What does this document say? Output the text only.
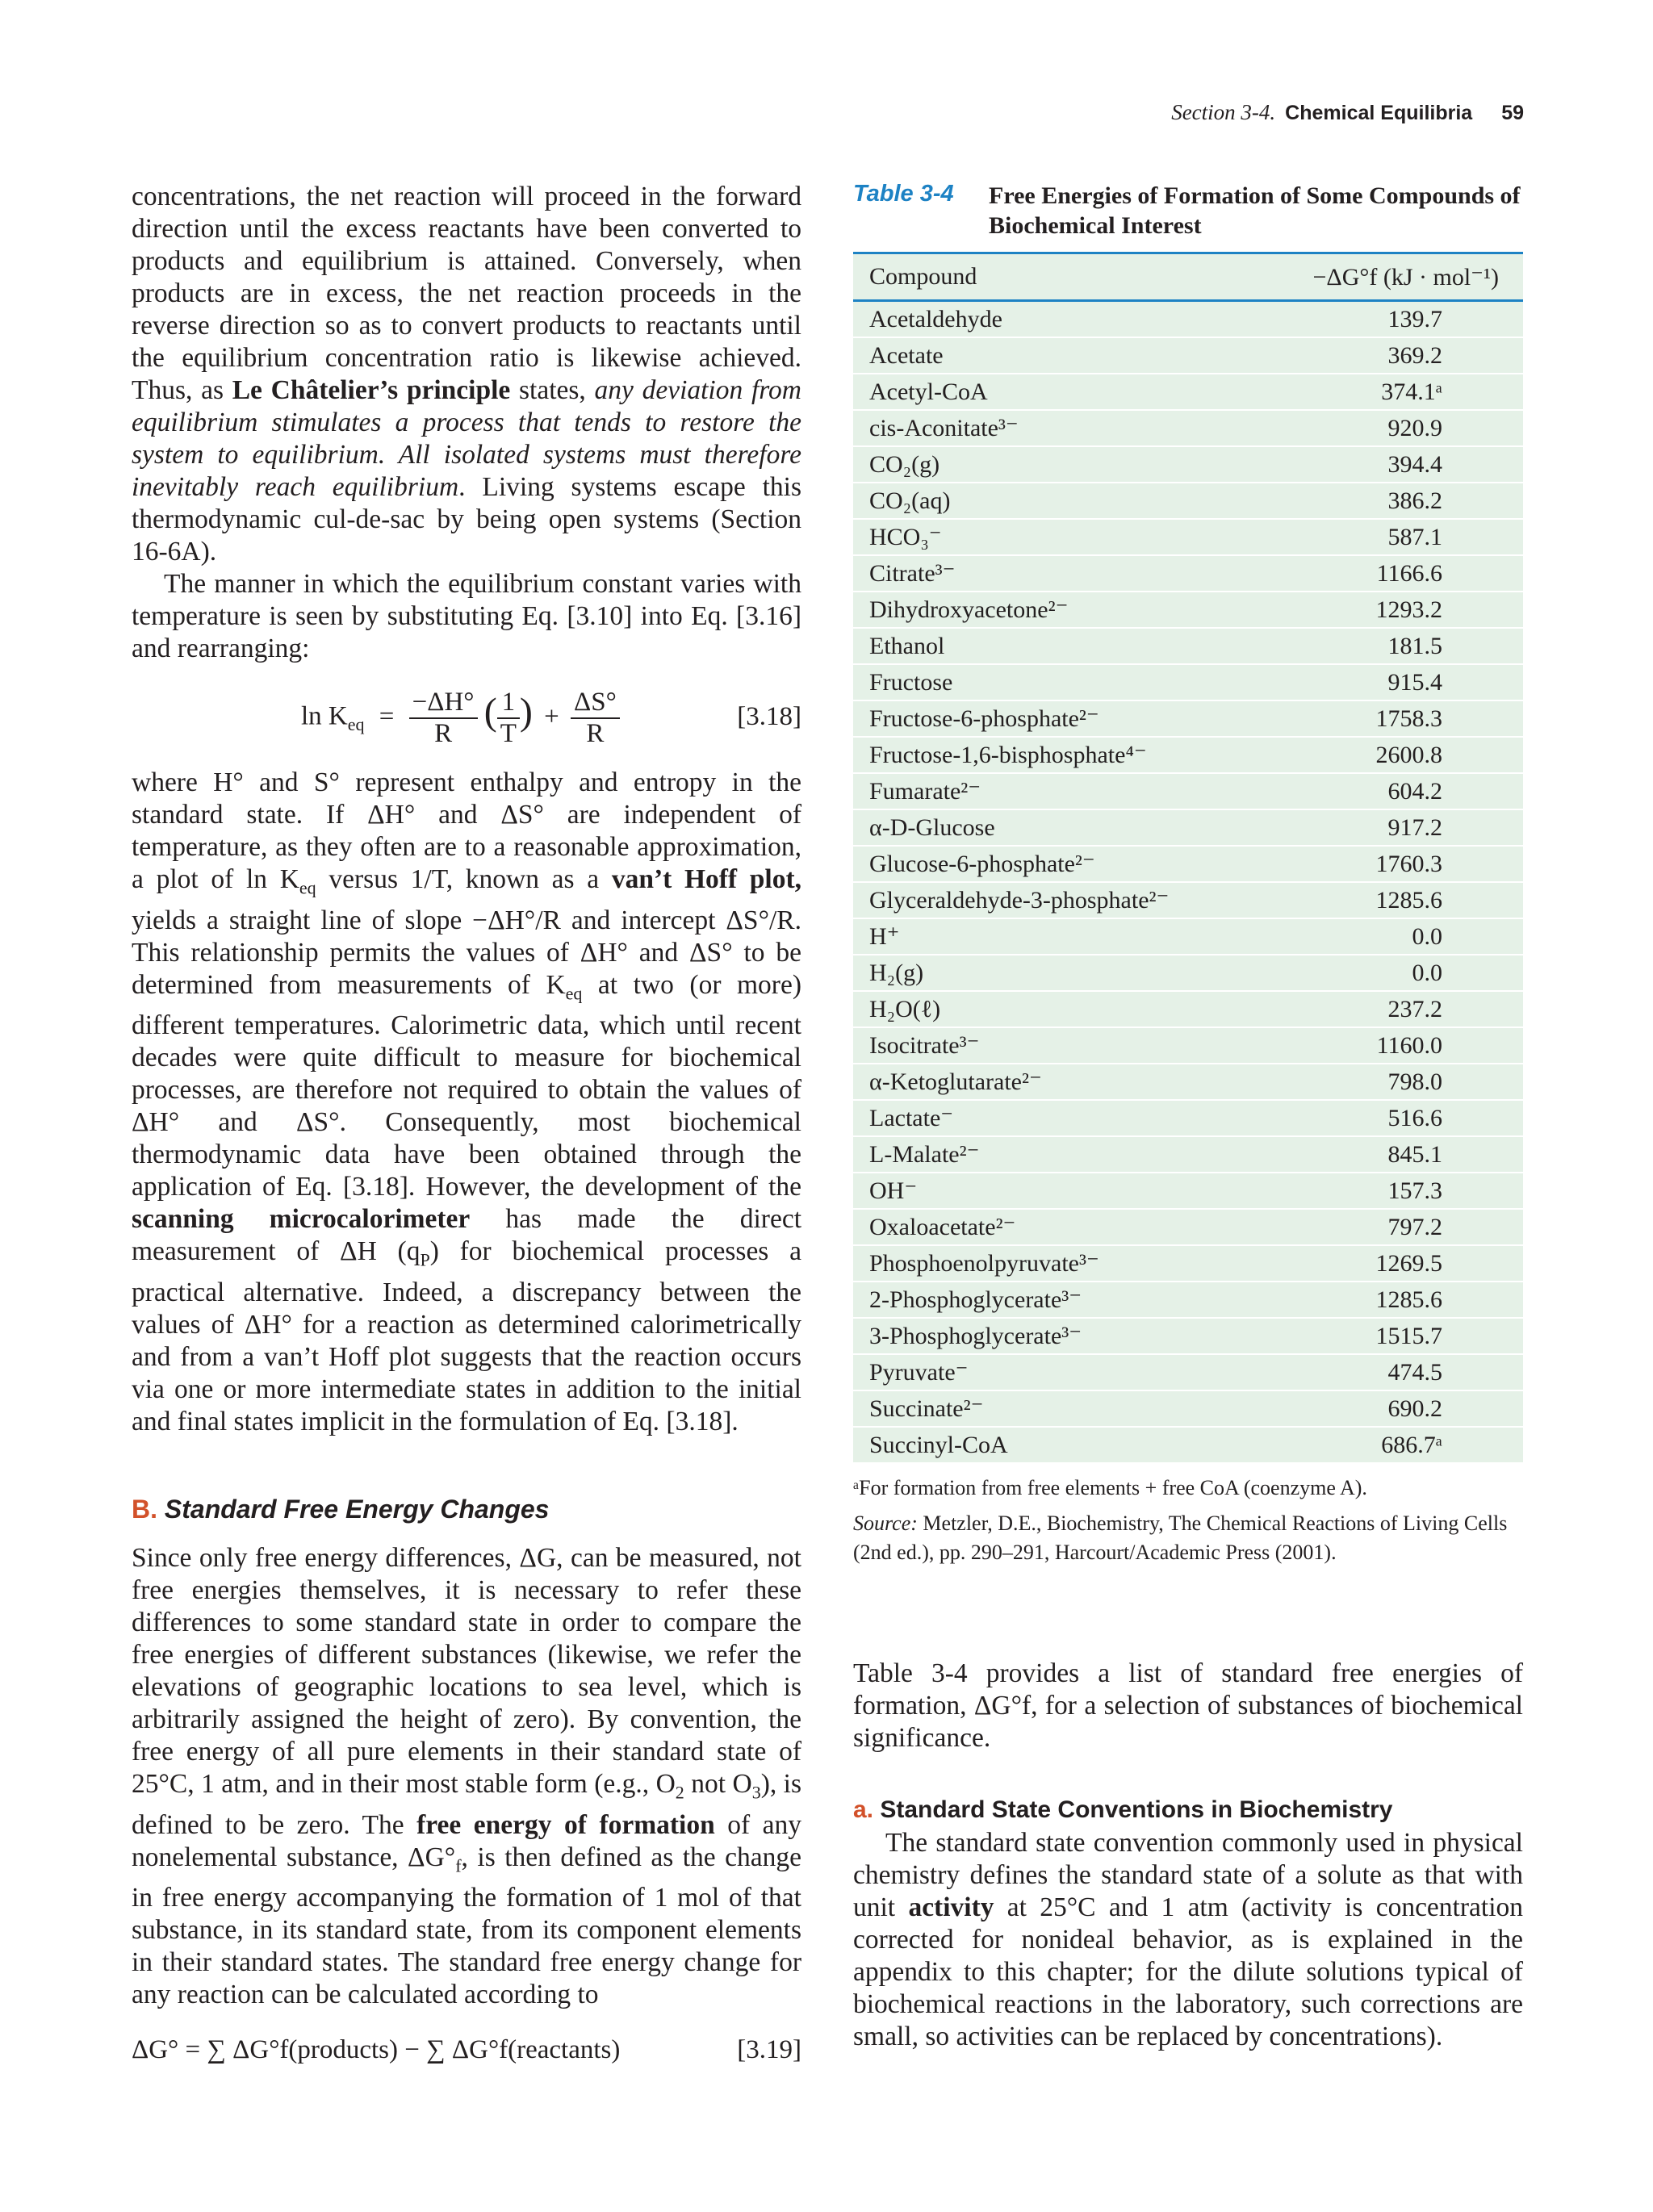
Section 3-4. Chemical Equilibria 59

concentrations, the net reaction will proceed in the forward direction until the excess reactants have been converted to products and equilibrium is attained. Conversely, when products are in excess, the net reaction proceeds in the reverse direction so as to convert products to reactants until the equilibrium concentration ratio is likewise achieved. Thus, as Le Châtelier’s principle states, any deviation from equilibrium stimulates a process that tends to restore the system to equilibrium. All isolated systems must therefore inevitably reach equilibrium. Living systems escape this thermodynamic cul-de-sac by being open systems (Section 16-6A).

The manner in which the equilibrium constant varies with temperature is seen by substituting Eq. [3.10] into Eq. [3.16] and rearranging:

$\ln K_{eq} = \frac{-\Delta H^\circ}{R}$ ( $\frac{1}{T}$ ) + $\frac{\Delta S^\circ}{R}$	[3.18]

where H° and S° represent enthalpy and entropy in the standard state. If ΔH° and ΔS° are independent of temperature, as they often are to a reasonable approximation, a plot of $\ln K_{eq}$ versus 1/T, known as a van’t Hoff plot, yields a straight line of slope −ΔH°/R and intercept ΔS°/R. This relationship permits the values of ΔH° and ΔS° to be determined from measurements of $K_{eq}$ at two (or more) different temperatures. Calorimetric data, which until recent decades were quite difficult to measure for biochemical processes, are therefore not required to obtain the values of ΔH° and ΔS°. Consequently, most biochemical thermodynamic data have been obtained through the application of Eq. [3.18]. However, the development of the scanning microcalorimeter has made the direct measurement of ΔH $(q_P)$ for biochemical processes a practical alternative. Indeed, a discrepancy between the values of ΔH° for a reaction as determined calorimetrically and from a van’t Hoff plot suggests that the reaction occurs via one or more intermediate states in addition to the initial and final states implicit in the formulation of Eq. [3.18].

B. Standard Free Energy Changes

Since only free energy differences, ΔG, can be measured, not free energies themselves, it is necessary to refer these differences to some standard state in order to compare the free energies of different substances (likewise, we refer the elevations of geographic locations to sea level, which is arbitrarily assigned the height of zero). By convention, the free energy of all pure elements in their standard state of 25°C, 1 atm, and in their most stable form (e.g., $O_2$ not $O_3$), is defined to be zero. The free energy of formation of any nonelemental substance, $\Delta G^\circ_f$, is then defined as the change in free energy accompanying the formation of 1 mol of that substance, in its standard state, from its component elements in their standard states. The standard free energy change for any reaction can be calculated according to

ΔG° = ∑ ΔG°f(products) − ∑ ΔG°f(reactants)	[3.19]
Table 3-4	Free Energies of Formation of Some Compounds of Biochemical Interest
Compound	−ΔG°f (kJ · mol⁻¹)
Acetaldehyde	139.7
Acetate	369.2
Acetyl-CoA	374.1ᵃ
cis-Aconitate³⁻	920.9
CO₂(g)	394.4
CO₂(aq)	386.2
HCO₃⁻	587.1
Citrate³⁻	1166.6
Dihydroxyacetone²⁻	1293.2
Ethanol	181.5
Fructose	915.4
Fructose-6-phosphate²⁻	1758.3
Fructose-1,6-bisphosphate⁴⁻	2600.8
Fumarate²⁻	604.2
α-D-Glucose	917.2
Glucose-6-phosphate²⁻	1760.3
Glyceraldehyde-3-phosphate²⁻	1285.6
H⁺	0.0
H₂(g)	0.0
H₂O(ℓ)	237.2
Isocitrate³⁻	1160.0
α-Ketoglutarate²⁻	798.0
Lactate⁻	516.6
L-Malate²⁻	845.1
OH⁻	157.3
Oxaloacetate²⁻	797.2
Phosphoenolpyruvate³⁻	1269.5
2-Phosphoglycerate³⁻	1285.6
3-Phosphoglycerate³⁻	1515.7
Pyruvate⁻	474.5
Succinate²⁻	690.2
Succinyl-CoA	686.7ᵃ
ᵃFor formation from free elements + free CoA (coenzyme A).
Source: Metzler, D.E., Biochemistry, The Chemical Reactions of Living Cells (2nd ed.), pp. 290–291, Harcourt/Academic Press (2001).

Table 3-4 provides a list of standard free energies of formation, ΔG°f, for a selection of substances of biochemical significance.

a. Standard State Conventions in Biochemistry

The standard state convention commonly used in physical chemistry defines the standard state of a solute as that with unit activity at 25°C and 1 atm (activity is concentration corrected for nonideal behavior, as is explained in the appendix to this chapter; for the dilute solutions typical of biochemical reactions in the laboratory, such corrections are small, so activities can be replaced by concentrations).
